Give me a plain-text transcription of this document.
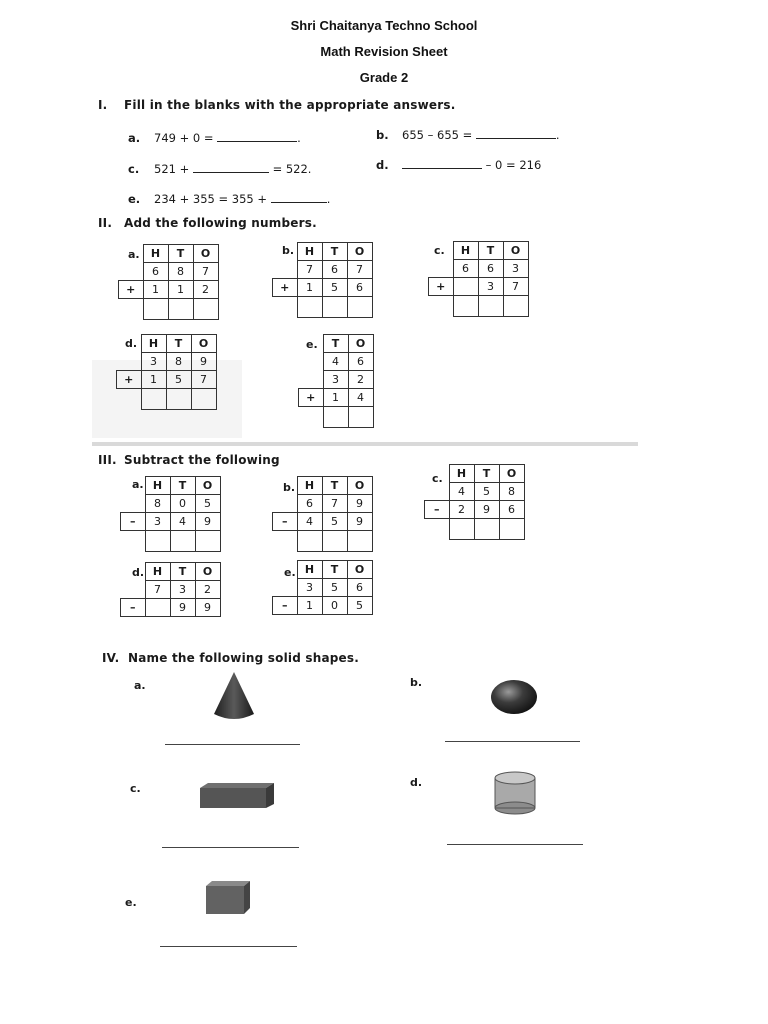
Shri Chaitanya Techno School
Math Revision Sheet
Grade 2
I. Fill in the blanks with the appropriate answers.
a. 749 + 0 =	.	b. 655 – 655 =	.
c. 521 +	= 522.	d.	– 0 = 216
e. 234 + 355 = 355 +	.
II. Add the following numbers.
a.
	H	T	O
	6	8	7
+	1	1	2

b.
	H	T	O
	7	6	7
+	1	5	6

c.
	H	T	O
	6	6	3
+		3	7

d.
	H	T	O
	3	8	9
+	1	5	7

e.
	T	O
	4	6
	3	2
+	1	4

III. Subtract the following
a.
	H	T	O
	8	0	5
–	3	4	9

b.
	H	T	O
	6	7	9
–	4	5	9

c.
	H	T	O
	4	5	8
–	2	9	6

d.
	H	T	O
	7	3	2
–		9	9
e.
	H	T	O
	3	5	6
–	1	0	5
IV. Name the following solid shapes.
a.	b.
c.	d.
e.
